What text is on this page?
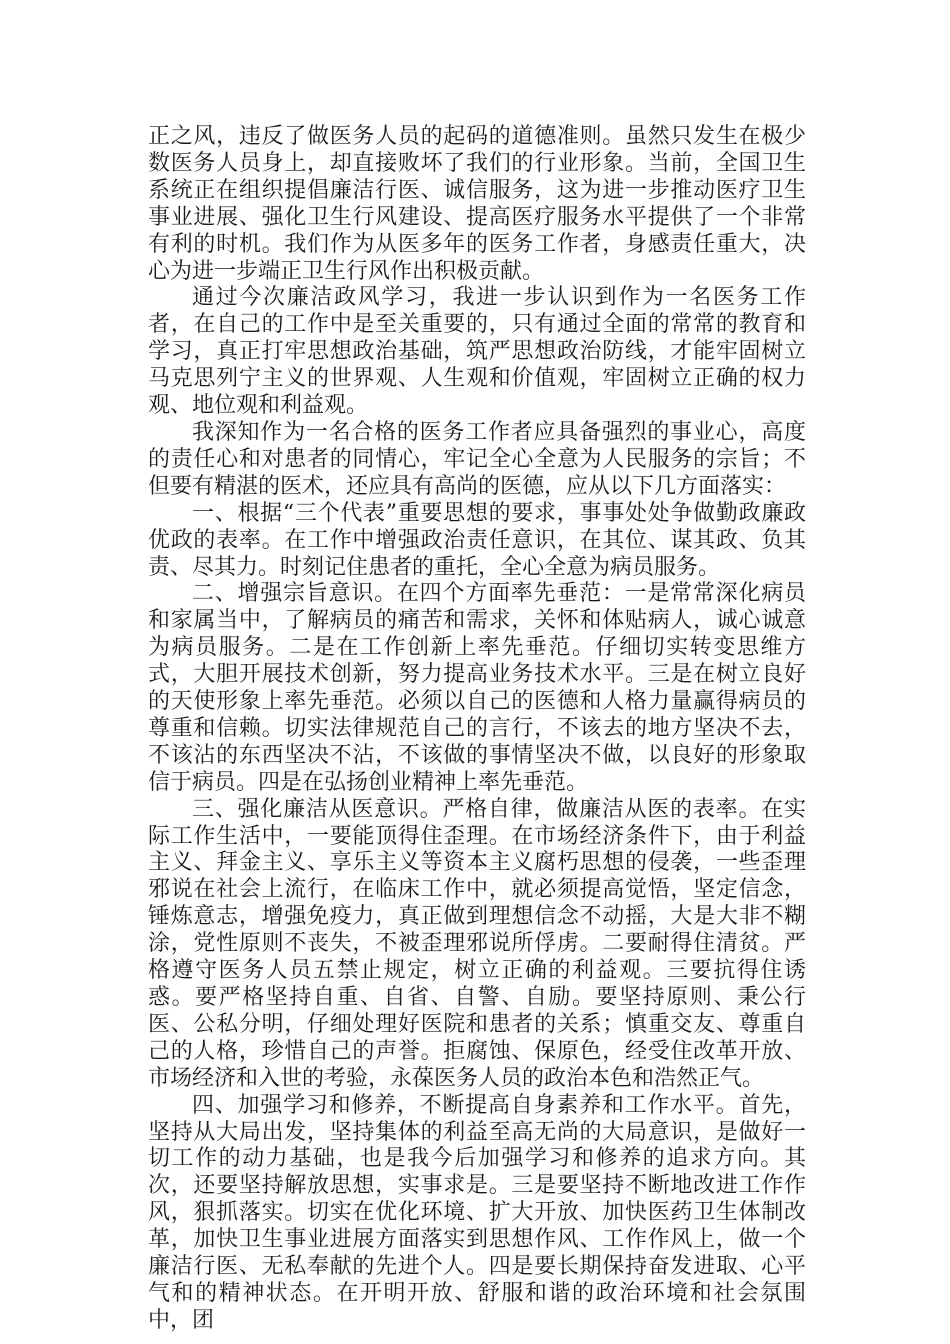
正之风，违反了做医务人员的起码的道德准则。虽然只发生在极少数医务人员身上，却直接败坏了我们的行业形象。当前，全国卫生系统正在组织提倡廉洁行医、诚信服务，这为进一步推动医疗卫生事业进展、强化卫生行风建设、提高医疗服务水平提供了一个非常有利的时机。我们作为从医多年的医务工作者，身感责任重大，决心为进一步端正卫生行风作出积极贡献。

通过今次廉洁政风学习，我进一步认识到作为一名医务工作者，在自己的工作中是至关重要的，只有通过全面的常常的教育和学习，真正打牢思想政治基础，筑严思想政治防线，才能牢固树立马克思列宁主义的世界观、人生观和价值观，牢固树立正确的权力观、地位观和利益观。

我深知作为一名合格的医务工作者应具备强烈的事业心，高度的责任心和对患者的同情心，牢记全心全意为人民服务的宗旨；不但要有精湛的医术，还应具有高尚的医德，应从以下几方面落实：

一、根据“三个代表”重要思想的要求，事事处处争做勤政廉政优政的表率。在工作中增强政治责任意识，在其位、谋其政、负其责、尽其力。时刻记住患者的重托，全心全意为病员服务。

二、增强宗旨意识。在四个方面率先垂范：一是常常深化病员和家属当中，了解病员的痛苦和需求，关怀和体贴病人，诚心诚意为病员服务。二是在工作创新上率先垂范。仔细切实转变思维方式，大胆开展技术创新，努力提高业务技术水平。三是在树立良好的天使形象上率先垂范。必须以自己的医德和人格力量赢得病员的尊重和信赖。切实法律规范自己的言行，不该去的地方坚决不去，不该沾的东西坚决不沾，不该做的事情坚决不做，以良好的形象取信于病员。四是在弘扬创业精神上率先垂范。

三、强化廉洁从医意识。严格自律，做廉洁从医的表率。在实际工作生活中，一要能顶得住歪理。在市场经济条件下，由于利益主义、拜金主义、享乐主义等资本主义腐朽思想的侵袭，一些歪理邪说在社会上流行，在临床工作中，就必须提高觉悟，坚定信念，锤炼意志，增强免疫力，真正做到理想信念不动摇，大是大非不糊涂，党性原则不丧失，不被歪理邪说所俘虏。二要耐得住清贫。严格遵守医务人员五禁止规定，树立正确的利益观。三要抗得住诱惑。要严格坚持自重、自省、自警、自励。要坚持原则、秉公行医、公私分明，仔细处理好医院和患者的关系；慎重交友、尊重自己的人格，珍惜自己的声誉。拒腐蚀、保原色，经受住改革开放、市场经济和入世的考验，永葆医务人员的政治本色和浩然正气。

四、加强学习和修养，不断提高自身素养和工作水平。首先，坚持从大局出发，坚持集体的利益至高无尚的大局意识，是做好一切工作的动力基础，也是我今后加强学习和修养的追求方向。其次，还要坚持解放思想，实事求是。三是要坚持不断地改进工作作风，狠抓落实。切实在优化环境、扩大开放、加快医药卫生体制改革，加快卫生事业进展方面落实到思想作风、工作作风上，做一个廉洁行医、无私奉献的先进个人。四是要长期保持奋发进取、心平气和的精神状态。在开明开放、舒服和谐的政治环境和社会氛围中，团
